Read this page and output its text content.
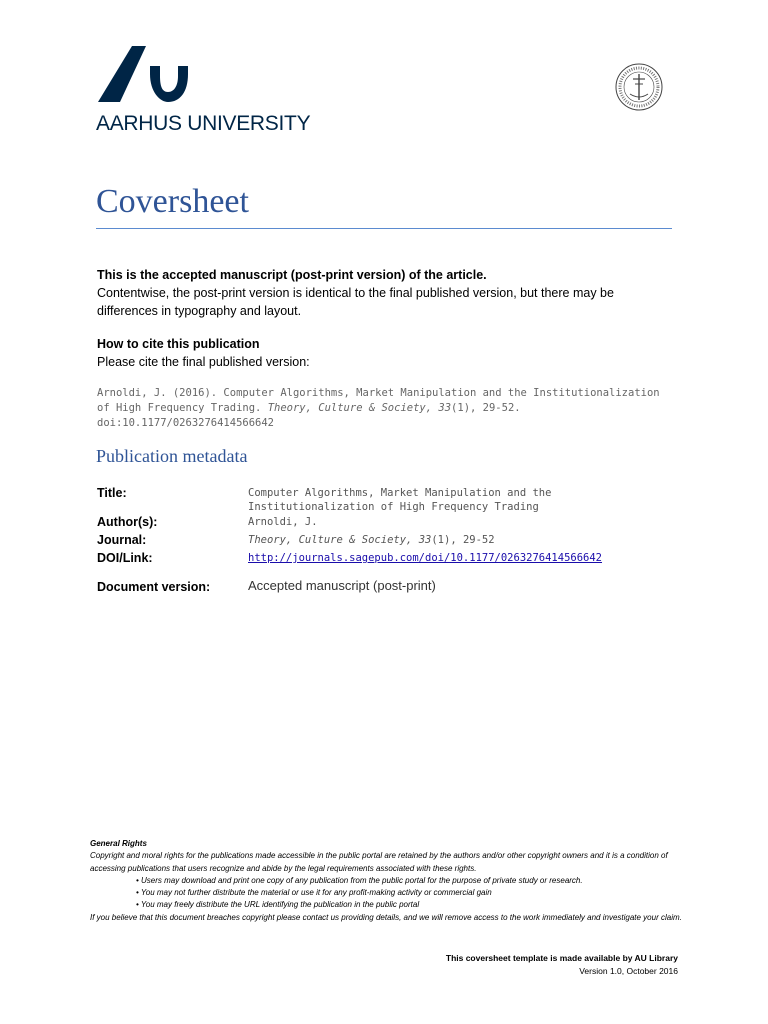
AARHUS UNIVERSITY
Coversheet
This is the accepted manuscript (post-print version) of the article.
Contentwise, the post-print version is identical to the final published version, but there may be differences in typography and layout.
How to cite this publication
Please cite the final published version:
Arnoldi, J. (2016). Computer Algorithms, Market Manipulation and the Institutionalization of High Frequency Trading. Theory, Culture & Society, 33(1), 29-52. doi:10.1177/0263276414566642
Publication metadata
Title:	Computer Algorithms, Market Manipulation and the Institutionalization of High Frequency Trading
Author(s):	Arnoldi, J.
Journal:	Theory, Culture & Society, 33(1), 29-52
DOI/Link:	http://journals.sagepub.com/doi/10.1177/0263276414566642
Document version:	Accepted manuscript (post-print)
General Rights
Copyright and moral rights for the publications made accessible in the public portal are retained by the authors and/or other copyright owners and it is a condition of accessing publications that users recognize and abide by the legal requirements associated with these rights.
• Users may download and print one copy of any publication from the public portal for the purpose of private study or research.
• You may not further distribute the material or use it for any profit-making activity or commercial gain
• You may freely distribute the URL identifying the publication in the public portal
If you believe that this document breaches copyright please contact us providing details, and we will remove access to the work immediately and investigate your claim.
This coversheet template is made available by AU Library
Version 1.0, October 2016
